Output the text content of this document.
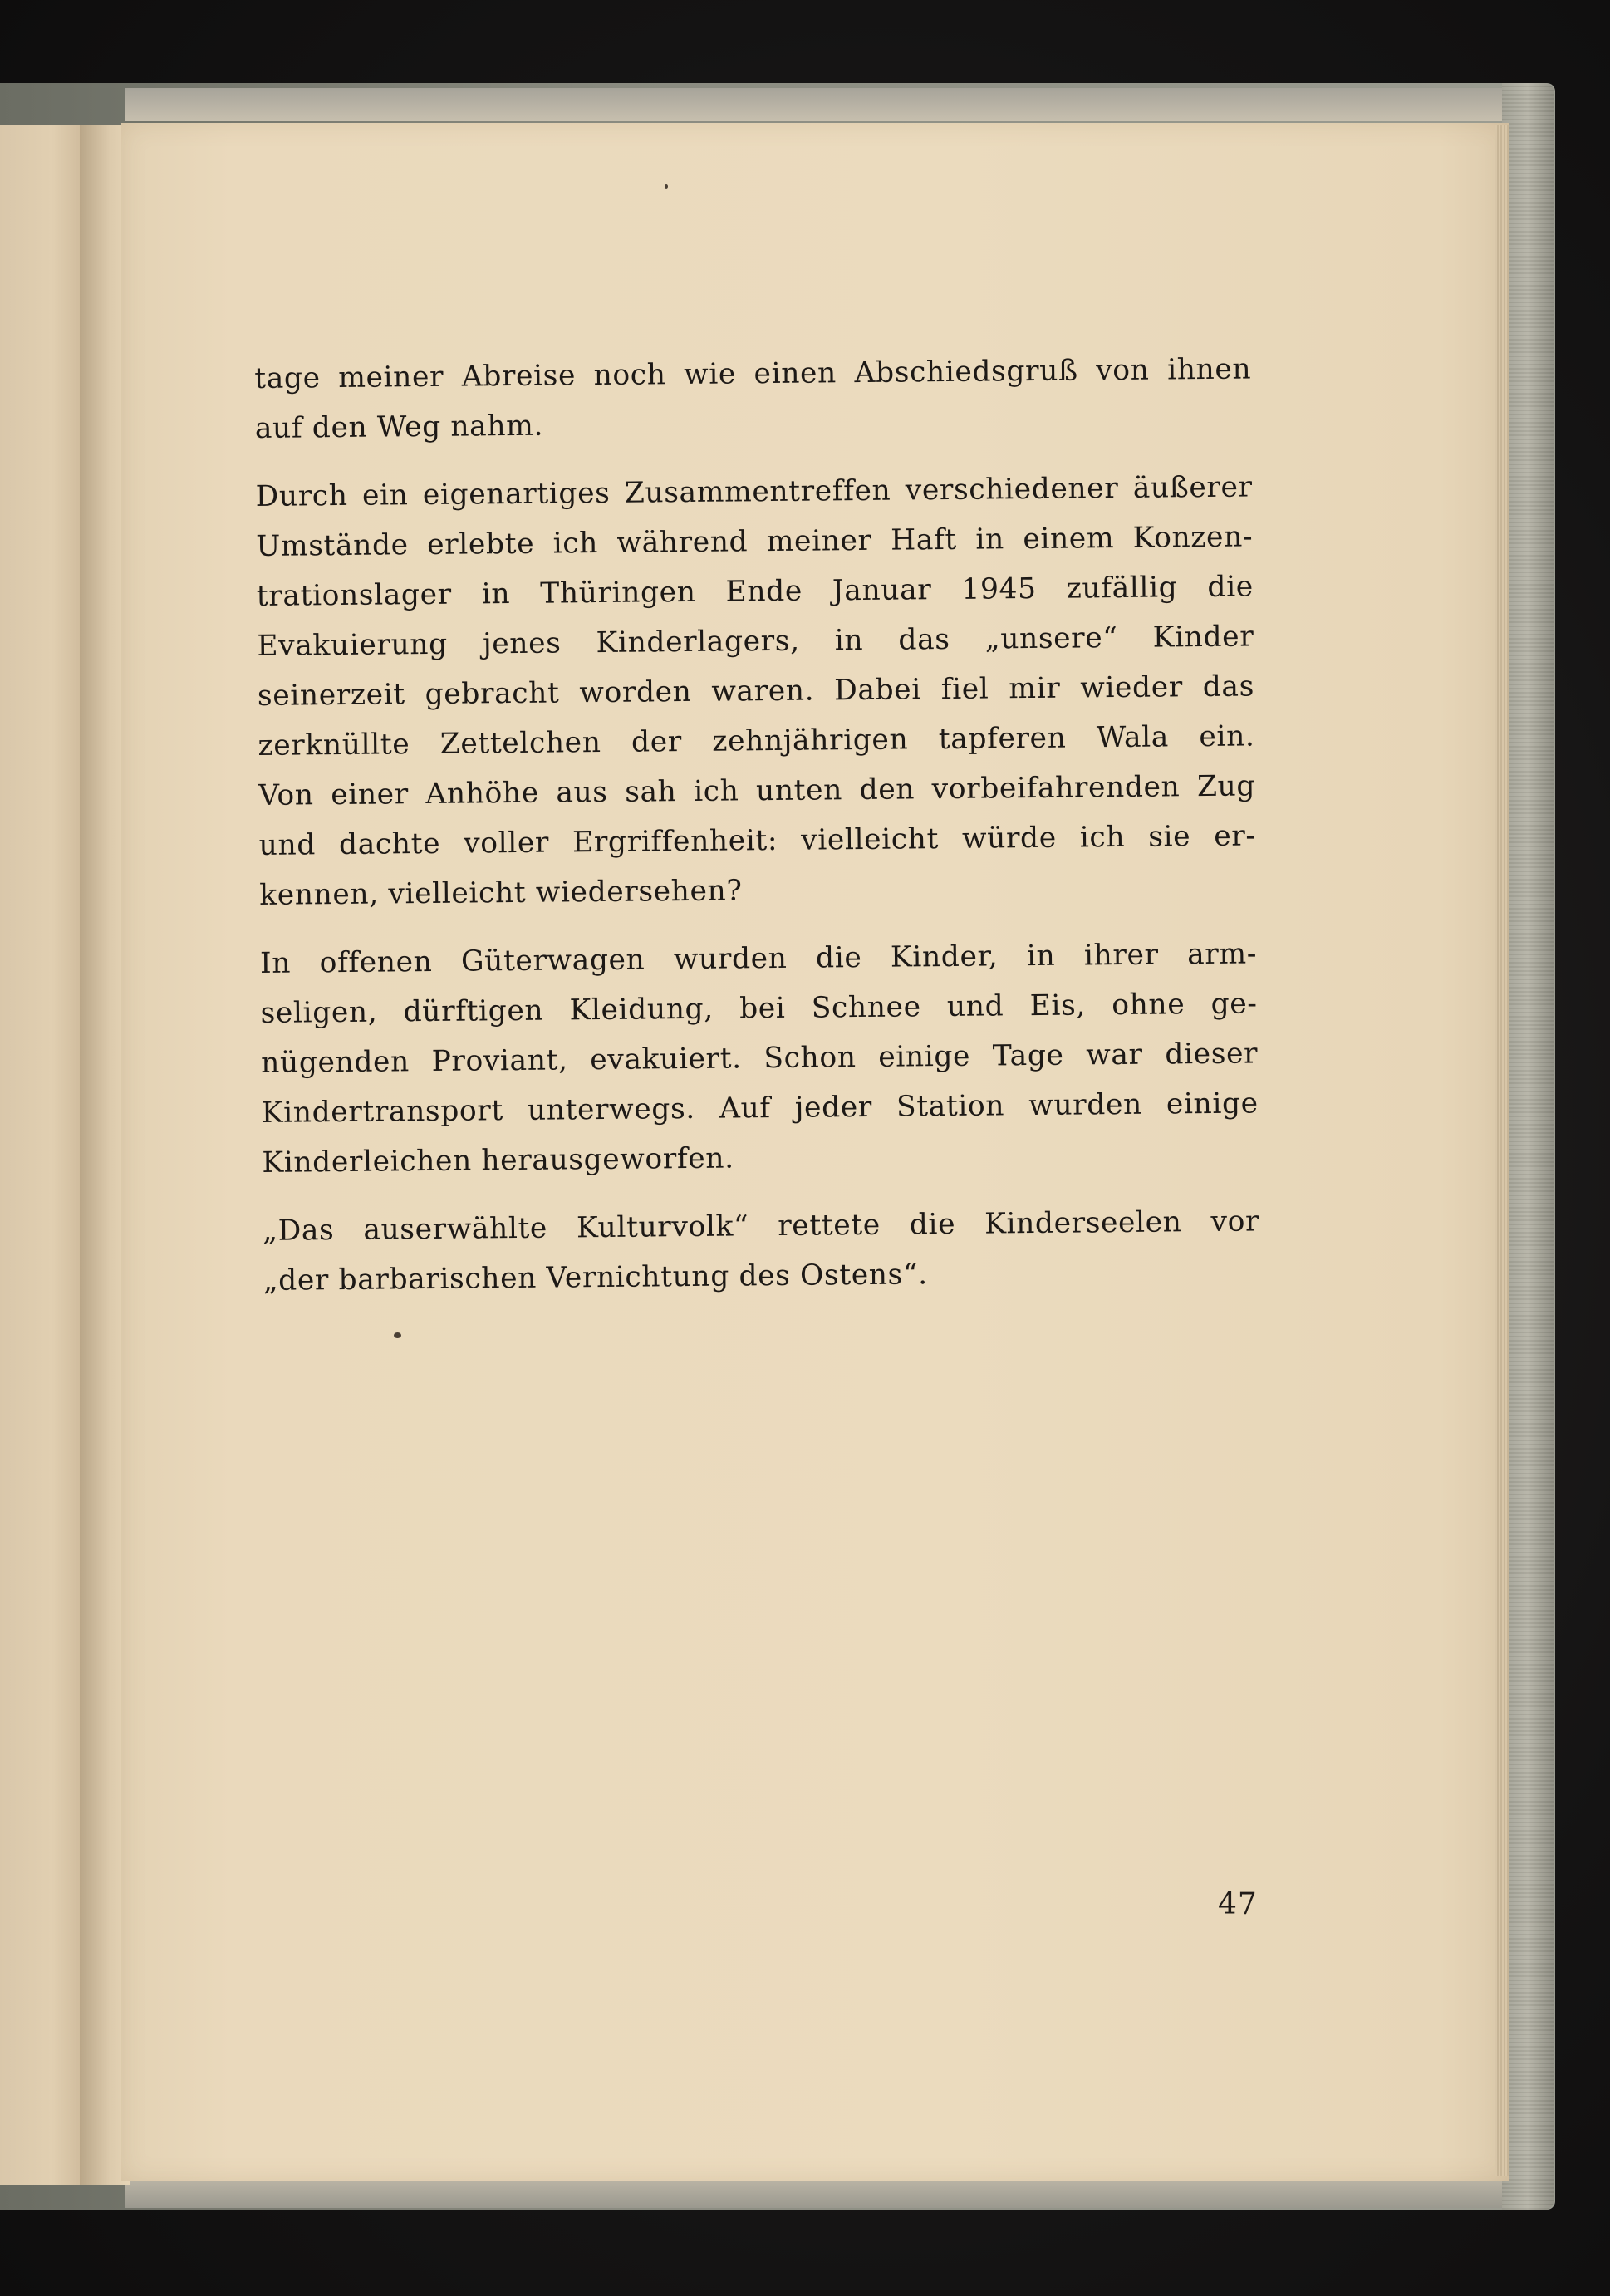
tage meiner Abreise noch wie einen Abschiedsgruß von ihnen
auf den Weg nahm.
Durch ein eigenartiges Zusammentreffen verschiedener äußerer
Umstände erlebte ich während meiner Haft in einem Konzen-
trationslager in Thüringen Ende Januar 1945 zufällig die
Evakuierung jenes Kinderlagers, in das „unsere“ Kinder
seinerzeit gebracht worden waren. Dabei fiel mir wieder das
zerknüllte Zettelchen der zehnjährigen tapferen Wala ein.
Von einer Anhöhe aus sah ich unten den vorbeifahrenden Zug
und dachte voller Ergriffenheit: vielleicht würde ich sie er-
kennen, vielleicht wiedersehen?
In offenen Güterwagen wurden die Kinder, in ihrer arm-
seligen, dürftigen Kleidung, bei Schnee und Eis, ohne ge-
nügenden Proviant, evakuiert. Schon einige Tage war dieser
Kindertransport unterwegs. Auf jeder Station wurden einige
Kinderleichen herausgeworfen.
„Das auserwählte Kulturvolk“ rettete die Kinderseelen vor
„der barbarischen Vernichtung des Ostens“.
47
